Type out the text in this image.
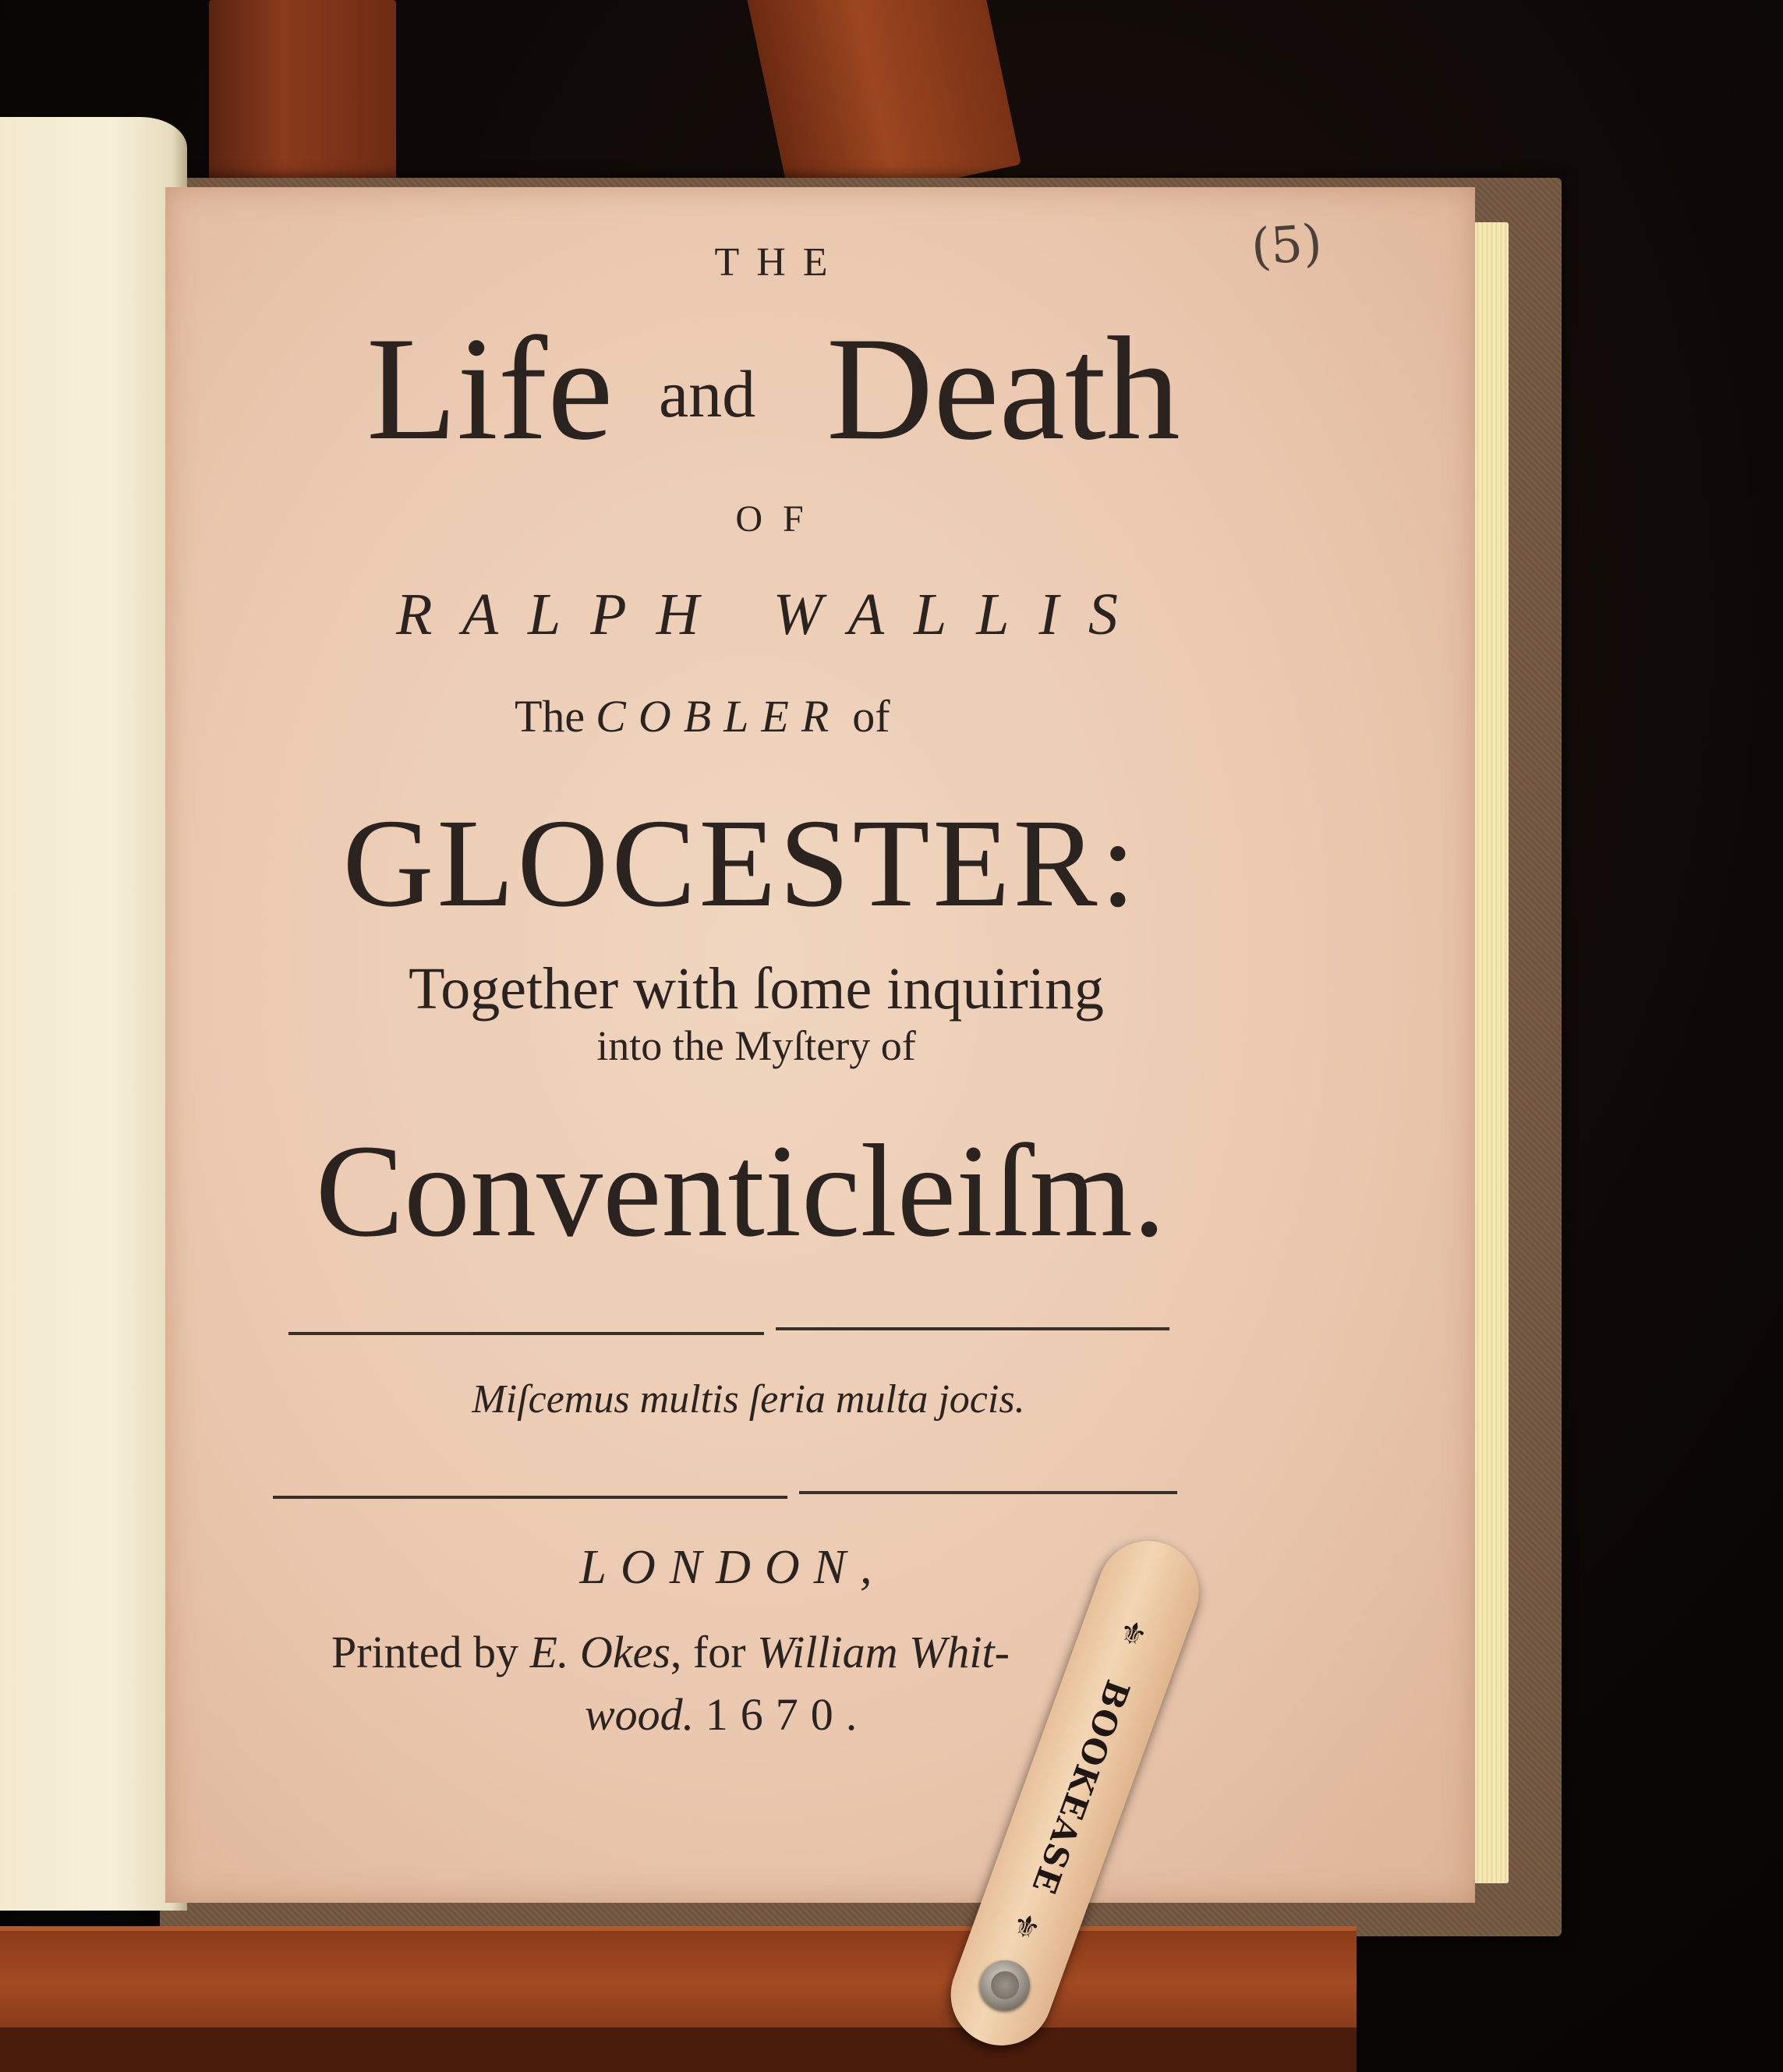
(5)
THE
Life and Death
OF
RALPH WALLIS
The COBLER of
GLOCESTER:
Together with ſome inquiring
into the Myſtery of
Conventicleiſm.
Miſcemus multis ſeria multa jocis.
LONDON,
Printed by E. Okes, for William Whit-
wood. 1670.
⚜
BOOKEASE
⚜
